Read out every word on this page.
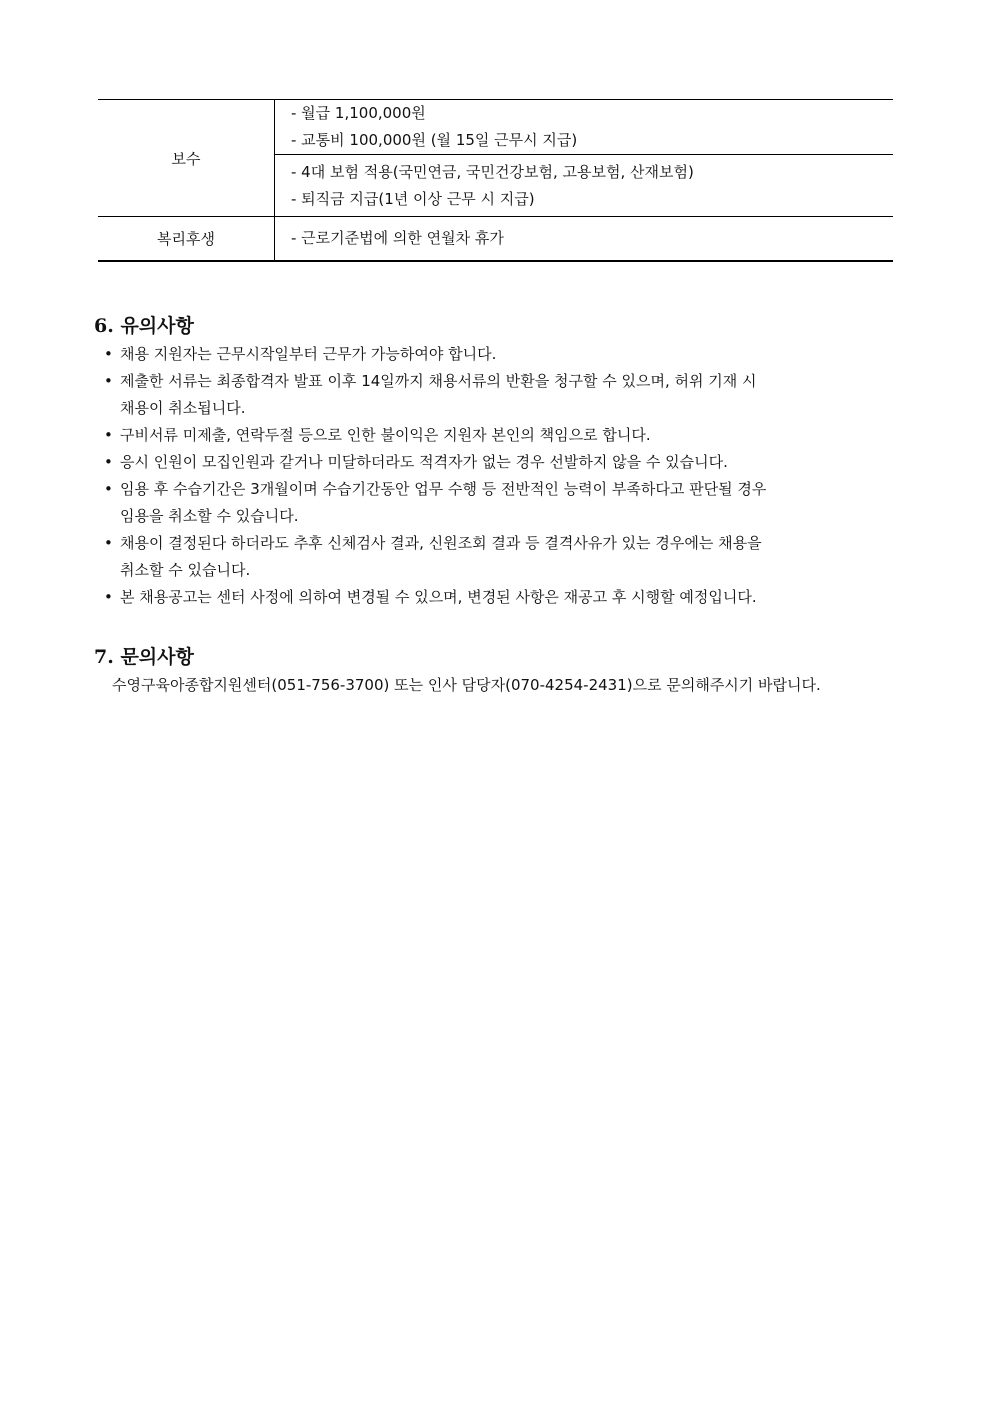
보수	- 월급 1,100,000원
- 교통비 100,000원 (월 15일 근무시 지급)

	- 4대 보험 적용(국민연금, 국민건강보험, 고용보험, 산재보험)
- 퇴직금 지급(1년 이상 근무 시 지급)

복리후생	- 근로기준법에 의한 연월차 휴가
6. 유의사항
• 채용 지원자는 근무시작일부터 근무가 가능하여야 합니다.
• 제출한 서류는 최종합격자 발표 이후 14일까지 채용서류의 반환을 청구할 수 있으며, 허위 기재 시
채용이 취소됩니다.
• 구비서류 미제출, 연락두절 등으로 인한 불이익은 지원자 본인의 책임으로 합니다.
• 응시 인원이 모집인원과 같거나 미달하더라도 적격자가 없는 경우 선발하지 않을 수 있습니다.
• 임용 후 수습기간은 3개월이며 수습기간동안 업무 수행 등 전반적인 능력이 부족하다고 판단될 경우
임용을 취소할 수 있습니다.
• 채용이 결정된다 하더라도 추후 신체검사 결과, 신원조회 결과 등 결격사유가 있는 경우에는 채용을
취소할 수 있습니다.
• 본 채용공고는 센터 사정에 의하여 변경될 수 있으며, 변경된 사항은 재공고 후 시행할 예정입니다.
7. 문의사항
수영구육아종합지원센터(051-756-3700) 또는 인사 담당자(070-4254-2431)으로 문의해주시기 바랍니다.
